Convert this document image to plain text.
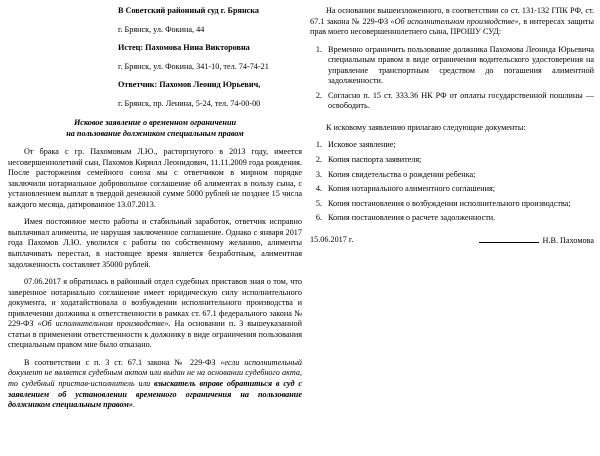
В Советский районный суд г. Брянска

г. Брянск, ул. Фокина, 44

Истец: Пахомова Нина Викторовна

г. Брянск, ул. Фокина, 341-10, тел. 74-74-21

Ответчик: Пахомов Леонид Юрьевич,

г. Брянск, пр. Ленина, 5-24, тел. 74-00-00

Исковое заявление о временном ограничении

на пользование должником специальным правом

От брака с гр. Пахомовым Л.Ю., расторгнутого в 2013 году, имеется несовершеннолетний сын, Пахомов Кирилл Леонидович, 11.11.2009 года рождения. После расторжения семейного союза мы с ответчиком в мирном порядке заключили нотариальное добровольное соглашение об алиментах в пользу сына, с установлением выплат в твердой денежной сумме 5000 рублей не позднее 15 числа каждого месяца, датированное 13.07.2013.

Имея постоянное место работы и стабильный заработок, ответчик исправно выплачивал алименты, не нарушая заключенное соглашение. Однако с января 2017 года Пахомов Л.Ю. уволился с работы по собственному желанию, алименты выплачивать перестал, в настоящее время является безработным, алиментная задолженность составляет 35000 рублей.

07.06.2017 я обратилась в районный отдел судебных приставов зная о том, что заверенное нотариально соглашение имеет юридическую силу исполнительного документа, и ходатайствовала о возбуждении исполнительного производства и привлечении должника к ответственности в рамках ст. 67.1 федерального закона № 229-ФЗ «Об исполнительном производстве». На основании п. 3 вышеуказанной статьи в применении ответственности к должнику в виде ограничения пользования специальным правом мне было отказано.

В соответствии с п. 3 ст. 67.1 закона № 229-ФЗ «если исполнительный документ не является судебным актом или выдан не на основании судебного акта, то судебный пристав-исполнитель или взыскатель вправе обратиться в суд с заявлением об установлении временного ограничения на пользование должником специальным правом».

На основании вышеизложенного, в соответствии со ст. 131-132 ГПК РФ, ст. 67.1 закона № 229-ФЗ «Об исполнительном производстве», в интересах защиты прав моего несовершеннолетнего сына, ПРОШУ СУД:

1. Временно ограничить пользование должника Пахомова Леонида Юрьевича специальным правом в виде ограничения водительского удостоверения на управление транспортным средством до погашения алиментной задолженности.
2. Согласно п. 15 ст. 333.36 НК РФ от оплаты государственной пошлины — освободить.

К исковому заявлению прилагаю следующие документы:

1. Исковое заявление;
2. Копия паспорта заявителя;
3. Копия свидетельства о рождении ребенка;
4. Копия нотариального алиментного соглашения;
5. Копия постановления о возбуждении исполнительного производства;
6. Копия постановления о расчете задолженности.
15.06.2017 г.	Н.В. Пахомова
